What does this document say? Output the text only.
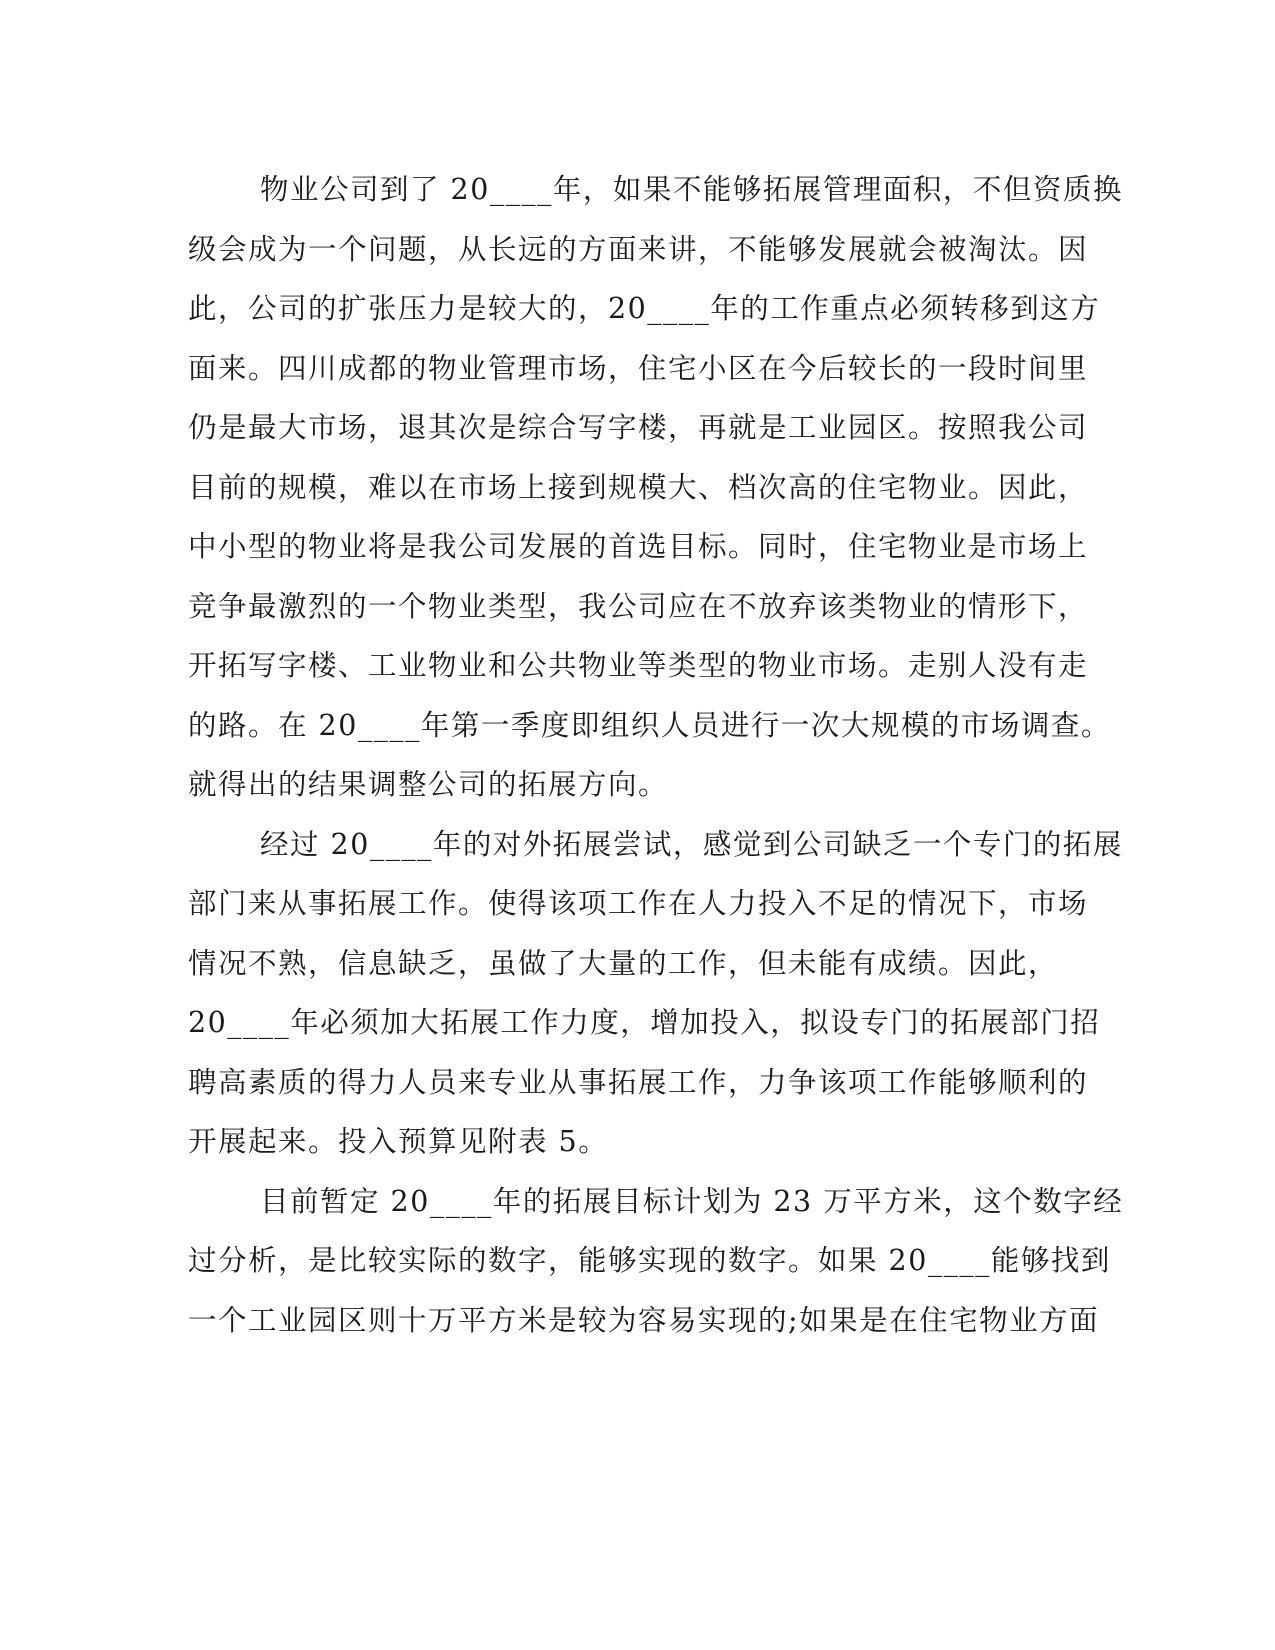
物业公司到了 20____年，如果不能够拓展管理面积，不但资质换
级会成为一个问题，从长远的方面来讲，不能够发展就会被淘汰。因
此，公司的扩张压力是较大的，20____年的工作重点必须转移到这方
面来。四川成都的物业管理市场，住宅小区在今后较长的一段时间里
仍是最大市场，退其次是综合写字楼，再就是工业园区。按照我公司
目前的规模，难以在市场上接到规模大、档次高的住宅物业。因此，
中小型的物业将是我公司发展的首选目标。同时，住宅物业是市场上
竞争最激烈的一个物业类型，我公司应在不放弃该类物业的情形下，
开拓写字楼、工业物业和公共物业等类型的物业市场。走别人没有走
的路。在 20____年第一季度即组织人员进行一次大规模的市场调查。
就得出的结果调整公司的拓展方向。
经过 20____年的对外拓展尝试，感觉到公司缺乏一个专门的拓展
部门来从事拓展工作。使得该项工作在人力投入不足的情况下，市场
情况不熟，信息缺乏，虽做了大量的工作，但未能有成绩。因此，
20____年必须加大拓展工作力度，增加投入，拟设专门的拓展部门招
聘高素质的得力人员来专业从事拓展工作，力争该项工作能够顺利的
开展起来。投入预算见附表 5。
目前暂定 20____年的拓展目标计划为 23 万平方米，这个数字经
过分析，是比较实际的数字，能够实现的数字。如果 20____能够找到
一个工业园区则十万平方米是较为容易实现的;如果是在住宅物业方面
